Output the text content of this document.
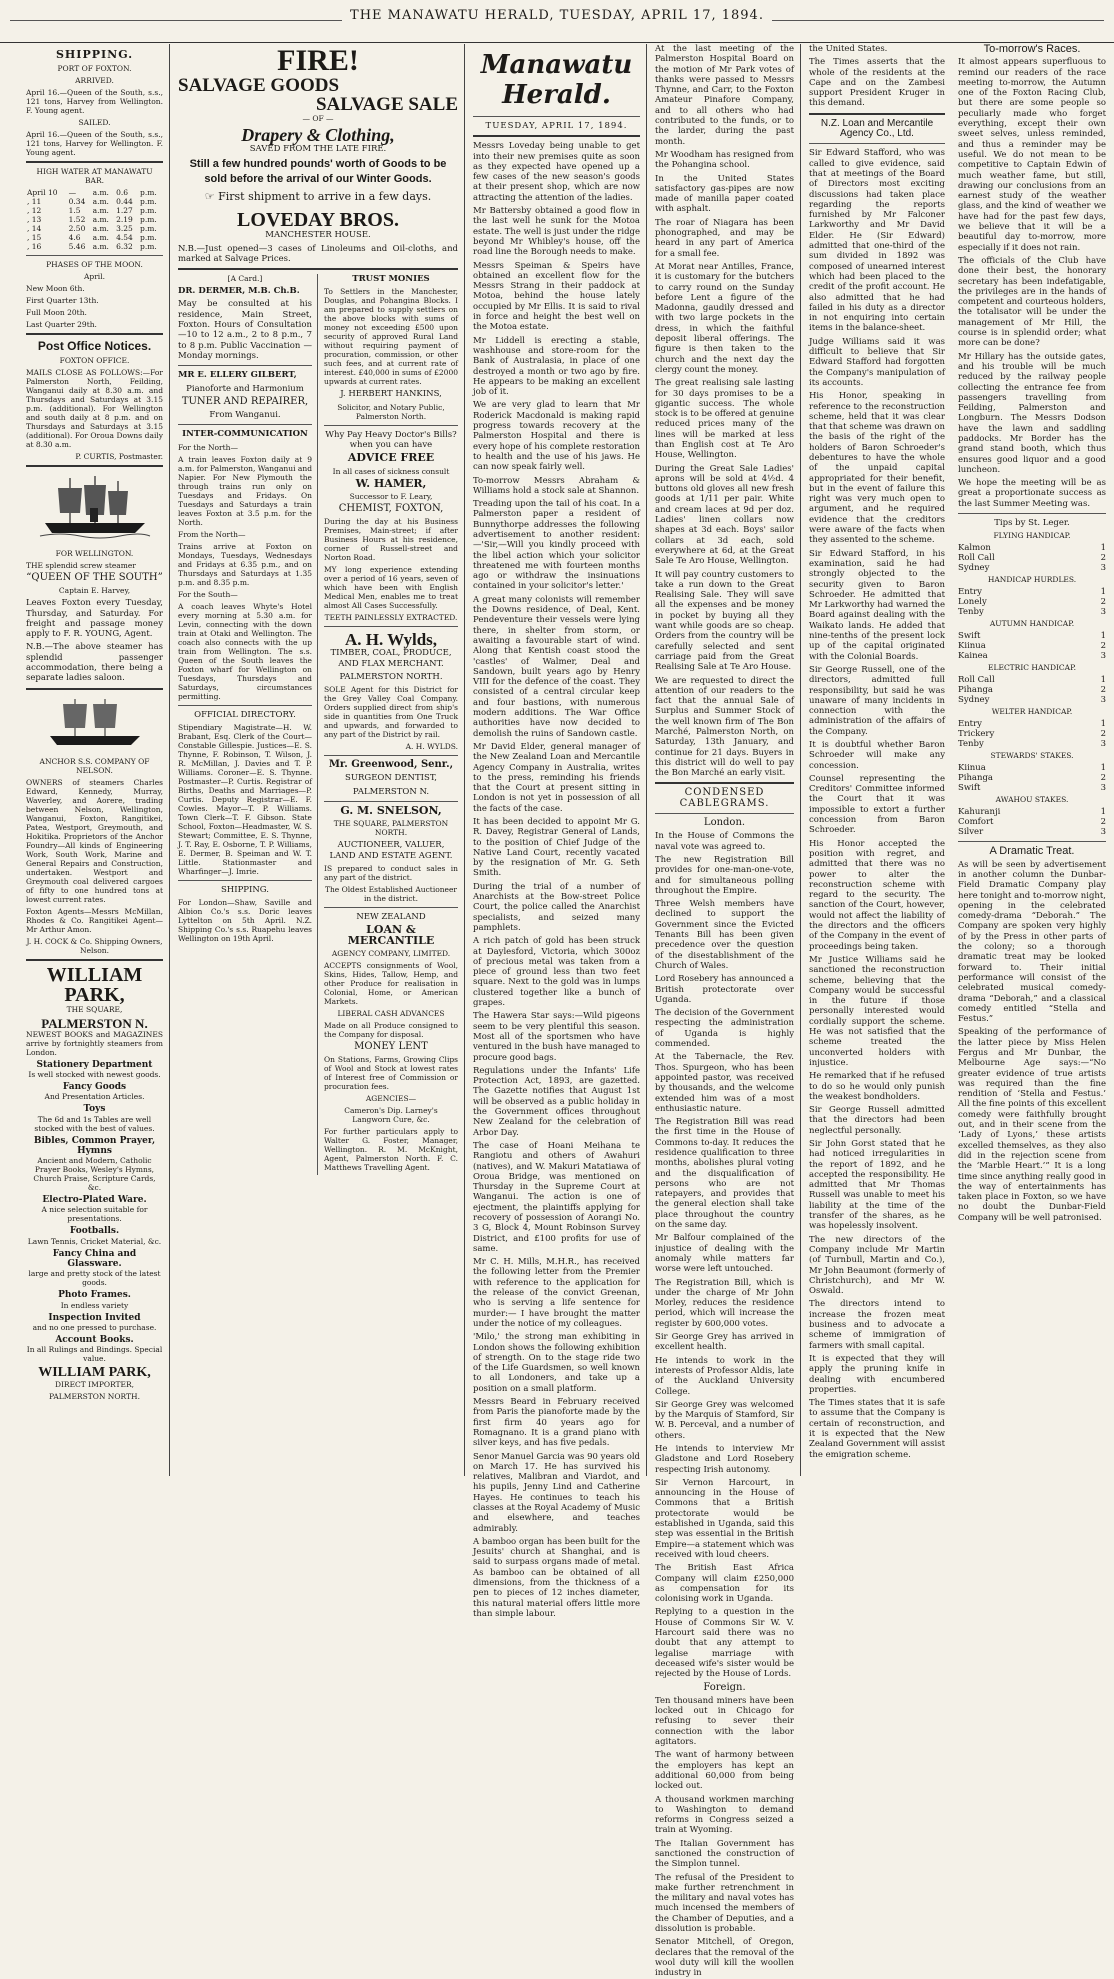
THE MANAWATU HERALD, TUESDAY, APRIL 17, 1894.
SHIPPING.

PORT OF FOXTON.

ARRIVED.

April 16.—Queen of the South, s.s., 121 tons, Harvey from Wellington. F. Young agent.

SAILED.

April 16.—Queen of the South, s.s., 121 tons, Harvey for Wellington. F. Young agent.

HIGH WATER AT MANAWATU BAR.

April 10	—	a.m.	0.6	p.m.
, 11	0.34	a.m.	0.44	p.m.
, 12	1.5	a.m.	1.27	p.m.
, 13	1.52	a.m.	2.19	p.m.
, 14	2.50	a.m.	3.25	p.m.
, 15	4.6	a.m.	4.54	p.m.
, 16	5.46	a.m.	6.32	p.m.

PHASES OF THE MOON.

April.

New Moon 6th.

First Quarter 13th.

Full Moon 20th.

Last Quarter 29th.

Post Office Notices.

FOXTON OFFICE.

MAILS CLOSE AS FOLLOWS:—For Palmerston North, Feilding, Wanganui daily at 8.30 a.m. and Thursdays and Saturdays at 3.15 p.m. (additional). For Wellington and south daily at 8 p.m. and on Thursdays and Saturdays at 3.15 (additional). For Oroua Downs daily at 8.30 a.m.

P. CURTIS, Postmaster.

FOR WELLINGTON.

THE splendid screw steamer

“QUEEN OF THE SOUTH”

Captain E. Harvey,

Leaves Foxton every Tuesday, Thursday, and Saturday. For freight and passage money apply to F. R. YOUNG, Agent.

N.B.—The above steamer has splendid passenger accommodation, there being a separate ladies saloon.

ANCHOR S.S. COMPANY OF NELSON.

OWNERS of steamers Charles Edward, Kennedy, Murray, Waverley, and Aorere, trading between Nelson, Wellington, Wanganui, Foxton, Rangitikei, Patea, Westport, Greymouth, and Hokitika. Proprietors of the Anchor Foundry—All kinds of Engineering Work, South Work, Marine and General Repairs and Construction, undertaken. Westport and Greymouth coal delivered cargoes of fifty to one hundred tons at lowest current rates.

Foxton Agents—Messrs McMillan, Rhodes & Co. Rangitikei Agent—Mr Arthur Amon.

J. H. COCK & Co. Shipping Owners, Nelson.

WILLIAM PARK,

THE SQUARE,

PALMERSTON N.

NEWEST BOOKS and MAGAZINES arrive by fortnightly steamers from London.

Stationery Department

Is well stocked with newest goods.

Fancy Goods

And Presentation Articles.

Toys

The 6d and 1s Tables are well stocked with the best of values.

Bibles, Common Prayer, Hymns

Ancient and Modern, Catholic Prayer Books, Wesley's Hymns, Church Praise, Scripture Cards, &c.

Electro-Plated Ware.

A nice selection suitable for presentations.

Footballs.

Lawn Tennis, Cricket Material, &c.

Fancy China and Glassware.

large and pretty stock of the latest goods.

Photo Frames.

In endless variety

Inspection Invited

and no one pressed to purchase.

Account Books.

In all Rulings and Bindings. Special value.

WILLIAM PARK,

DIRECT IMPORTER,

PALMERSTON NORTH.

FIRE!
SALVAGE GOODS
SALVAGE SALE

— OF —

Drapery & Clothing,

SAVED FROM THE LATE FIRE.

Still a few hundred pounds' worth of Goods to be sold before the arrival of our Winter Goods.

☞ First shipment to arrive in a few days.

LOVEDAY BROS.

MANCHESTER HOUSE.

N.B.—Just opened—3 cases of Linoleums and Oil-cloths, and marked at Salvage Prices.

[A Card.]

DR. DERMER, M.B. Ch.B.

May be consulted at his residence, Main Street, Foxton. Hours of Consultation—10 to 12 a.m., 2 to 8 p.m., 7 to 8 p.m. Public Vaccination — Monday mornings.

MR E. ELLERY GILBERT,

Pianoforte and Harmonium

TUNER AND REPAIRER,

From Wanganui.

INTER-COMMUNICATION

For the North—

A train leaves Foxton daily at 9 a.m. for Palmerston, Wanganui and Napier. For New Plymouth the through trains run only on Tuesdays and Fridays. On Tuesdays and Saturdays a train leaves Foxton at 3.5 p.m. for the North.

From the North—

Trains arrive at Foxton on Mondays, Tuesdays, Wednesdays and Fridays at 6.35 p.m., and on Thursdays and Saturdays at 1.35 p.m. and 8.35 p.m.

For the South—

A coach leaves Whyte's Hotel every morning at 5.30 a.m. for Levin, connecting with the down train at Otaki and Wellington. The coach also connects with the up train from Wellington. The s.s. Queen of the South leaves the Foxton wharf for Wellington on Tuesdays, Thursdays and Saturdays, circumstances permitting.

OFFICIAL DIRECTORY.

Stipendiary Magistrate—H. W. Brabant, Esq. Clerk of the Court—Constable Gillespie. Justices—E. S. Thynne, F. Robinson, T. Wilson, J. R. McMillan, J. Davies and T. P. Williams. Coroner—E. S. Thynne. Postmaster—P. Curtis. Registrar of Births, Deaths and Marriages—P. Curtis. Deputy Registrar—E. F. Cowles. Mayor—T. P. Williams. Town Clerk—T. F. Gibson. State School, Foxton—Headmaster, W. S. Stewart; Committee, E. S. Thynne, J. T. Ray, E. Osborne, T. P. Williams, E. Dermer, B. Speiman and W. T. Little. Stationmaster and Wharfinger—J. Imrie.

SHIPPING.

For London—Shaw, Saville and Albion Co.'s s.s. Doric leaves Lyttelton on 5th April. N.Z. Shipping Co.'s s.s. Ruapehu leaves Wellington on 19th April.

TRUST MONIES

To Settlers in the Manchester, Douglas, and Pohangina Blocks. I am prepared to supply settlers on the above blocks with sums of money not exceeding £500 upon security of approved Rural Land without requiring payment of procuration, commission, or other such fees, and at current rate of interest. £40,000 in sums of £2000 upwards at current rates.

J. HERBERT HANKINS,

Solicitor, and Notary Public, Palmerston North.

Why Pay Heavy Doctor's Bills? when you can have

ADVICE FREE

In all cases of sickness consult

W. HAMER,

Successor to F. Leary,

CHEMIST, FOXTON,

During the day at his Business Premises, Main-street; if after Business Hours at his residence, corner of Russell-street and Norton Road.

MY long experience extending over a period of 16 years, seven of which have been with English Medical Men, enables me to treat almost All Cases Successfully.

TEETH PAINLESSLY EXTRACTED.

A. H. Wylds,

TIMBER, COAL, PRODUCE, AND FLAX MERCHANT.

PALMERSTON NORTH.

SOLE Agent for this District for the Grey Valley Coal Company. Orders supplied direct from ship's side in quantities from One Truck and upwards, and forwarded to any part of the District by rail.

A. H. WYLDS.

Mr. Greenwood, Senr.,

SURGEON DENTIST,

PALMERSTON N.

G. M. SNELSON,

THE SQUARE, PALMERSTON NORTH.

AUCTIONEER, VALUER, LAND AND ESTATE AGENT.

IS prepared to conduct sales in any part of the district.

The Oldest Established Auctioneer in the district.

NEW ZEALAND

LOAN & MERCANTILE

AGENCY COMPANY, LIMITED.

ACCEPTS consignments of Wool, Skins, Hides, Tallow, Hemp, and other Produce for realisation in Colonial, Home, or American Markets.

LIBERAL CASH ADVANCES

Made on all Produce consigned to the Company for disposal.

MONEY LENT

On Stations, Farms, Growing Clips of Wool and Stock at lowest rates of Interest free of Commission or procuration fees.

AGENCIES—

Cameron's Dip. Larney's Langworn Cure, &c.

For further particulars apply to Walter G. Foster, Manager, Wellington. R. M. McKnight, Agent, Palmerston North. F. C. Matthews Travelling Agent.

Manawatu Herald.

TUESDAY, APRIL 17, 1894.

Messrs Loveday being unable to get into their new premises quite as soon as they expected have opened up a few cases of the new season's goods at their present shop, which are now attracting the attention of the ladies.

Mr Battersby obtained a good flow in the last well he sunk for the Motoa estate. The well is just under the ridge beyond Mr Whibley's house, off the road line the Borough needs to make.

Messrs Speiman & Speirs have obtained an excellent flow for the Messrs Strang in their paddock at Motoa, behind the house lately occupied by Mr Ellis. It is said to rival in force and height the best well on the Motoa estate.

Mr Liddell is erecting a stable, washhouse and store-room for the Bank of Australasia, in place of one destroyed a month or two ago by fire. He appears to be making an excellent job of it.

We are very glad to learn that Mr Roderick Macdonald is making rapid progress towards recovery at the Palmerston Hospital and there is every hope of his complete restoration to health and the use of his jaws. He can now speak fairly well.

To-morrow Messrs Abraham & Williams hold a stock sale at Shannon.

Treading upon the tail of his coat. In a Palmerston paper a resident of Bunnythorpe addresses the following advertisement to another resident:—'Sir,—Will you kindly proceed with the libel action which your solicitor threatened me with fourteen months ago or withdraw the insinuations contained in your solicitor's letter.'

A great many colonists will remember the Downs residence, of Deal, Kent. Pendeventure their vessels were lying there, in shelter from storm, or awaiting a favourable start of wind. Along that Kentish coast stood the 'castles' of Walmer, Deal and Sandown, built years ago by Henry VIII for the defence of the coast. They consisted of a central circular keep and four bastions, with numerous modern additions. The War Office authorities have now decided to demolish the ruins of Sandown castle.

Mr David Elder, general manager of the New Zealand Loan and Mercantile Agency Company in Australia, writes to the press, reminding his friends that the Court at present sitting in London is not yet in possession of all the facts of the case.

It has been decided to appoint Mr G. R. Davey, Registrar General of Lands, to the position of Chief Judge of the Native Land Court, recently vacated by the resignation of Mr. G. Seth Smith.

During the trial of a number of Anarchists at the Bow-street Police Court, the police called the Anarchist specialists, and seized many pamphlets.

A rich patch of gold has been struck at Daylesford, Victoria, which 300oz of precious metal was taken from a piece of ground less than two feet square. Next to the gold was in lumps clustered together like a bunch of grapes.

The Hawera Star says:—Wild pigeons seem to be very plentiful this season. Most all of the sportsmen who have ventured in the bush have managed to procure good bags.

Regulations under the Infants' Life Protection Act, 1893, are gazetted. The Gazette notifies that August 1st will be observed as a public holiday in the Government offices throughout New Zealand for the celebration of Arbor Day.

The case of Hoani Meihana te Rangiotu and others of Awahuri (natives), and W. Makuri Matatiawa of Oroua Bridge, was mentioned on Thursday in the Supreme Court at Wanganui. The action is one of ejectment, the plaintiffs applying for recovery of possession of Aorangi No. 3 G, Block 4, Mount Robinson Survey District, and £100 profits for use of same.

Mr C. H. Mills, M.H.R., has received the following letter from the Premier with reference to the application for the release of the convict Greenan, who is serving a life sentence for murder:— I have brought the matter under the notice of my colleagues.

'Milo,' the strong man exhibiting in London shows the following exhibition of strength. On to the stage ride two of the Life Guardsmen, so well known to all Londoners, and take up a position on a small platform.

Messrs Beard in February received from Paris the pianoforte made by the first firm 40 years ago for Romagnano. It is a grand piano with silver keys, and has five pedals.

Senor Manuel Garcia was 90 years old on March 17. He has survived his relatives, Malibran and Viardot, and his pupils, Jenny Lind and Catherine Hayes. He continues to teach his classes at the Royal Academy of Music and elsewhere, and teaches admirably.

A bamboo organ has been built for the Jesuits' church at Shanghai, and is said to surpass organs made of metal. As bamboo can be obtained of all dimensions, from the thickness of a pen to pieces of 12 inches diameter, this natural material offers little more than simple labour.

At the last meeting of the Palmerston Hospital Board on the motion of Mr Park votes of thanks were passed to Messrs Thynne, and Carr, to the Foxton Amateur Pinafore Company, and to all others who had contributed to the funds, or to the larder, during the past month.

Mr Woodham has resigned from the Pohangina school.

In the United States satisfactory gas-pipes are now made of manilla paper coated with asphalt.

The roar of Niagara has been phonographed, and may be heard in any part of America for a small fee.

At Morat near Antilles, France, it is customary for the butchers to carry round on the Sunday before Lent a figure of the Madonna, gaudily dressed and with two large pockets in the dress, in which the faithful deposit liberal offerings. The figure is then taken to the church and the next day the clergy count the money.

The great realising sale lasting for 30 days promises to be a gigantic success. The whole stock is to be offered at genuine reduced prices many of the lines will be marked at less than English cost at Te Aro House, Wellington.

During the Great Sale Ladies' aprons will be sold at 4½d. 4 buttons old gloves all new fresh goods at 1/11 per pair. White and cream laces at 9d per doz. Ladies' linen collars now shapes at 3d each. Boys' sailor collars at 3d each, sold everywhere at 6d, at the Great Sale Te Aro House, Wellington.

It will pay country customers to take a run down to the Great Realising Sale. They will save all the expenses and be money in pocket by buying all they want while goods are so cheap. Orders from the country will be carefully selected and sent carriage paid from the Great Realising Sale at Te Aro House.

We are requested to direct the attention of our readers to the fact that the annual Sale of Surplus and Summer Stock of the well known firm of The Bon Marché, Palmerston North, on Saturday, 13th January, and continue for 21 days. Buyers in this district will do well to pay the Bon Marché an early visit.

CONDENSED CABLEGRAMS.

London.

In the House of Commons the naval vote was agreed to.

The new Registration Bill provides for one-man-one-vote, and for simultaneous polling throughout the Empire.

Three Welsh members have declined to support the Government since the Evicted Tenants Bill has been given precedence over the question of the disestablishment of the Church of Wales.

Lord Rosebery has announced a British protectorate over Uganda.

The decision of the Government respecting the administration of Uganda is highly commended.

At the Tabernacle, the Rev. Thos. Spurgeon, who has been appointed pastor, was received by thousands, and the welcome extended him was of a most enthusiastic nature.

The Registration Bill was read the first time in the House of Commons to-day. It reduces the residence qualification to three months, abolishes plural voting and the disqualification of persons who are not ratepayers, and provides that the general election shall take place throughout the country on the same day.

Mr Balfour complained of the injustice of dealing with the anomaly while matters far worse were left untouched.

The Registration Bill, which is under the charge of Mr John Morley, reduces the residence period, which will increase the register by 600,000 votes.

Sir George Grey has arrived in excellent health.

He intends to work in the interests of Professor Aldis, late of the Auckland University College.

Sir George Grey was welcomed by the Marquis of Stamford, Sir W. B. Perceval, and a number of others.

He intends to interview Mr Gladstone and Lord Rosebery respecting Irish autonomy.

Sir Vernon Harcourt, in announcing in the House of Commons that a British protectorate would be established in Uganda, said this step was essential in the British Empire—a statement which was received with loud cheers.

The British East Africa Company will claim £250,000 as compensation for its colonising work in Uganda.

Replying to a question in the House of Commons Sir W. V. Harcourt said there was no doubt that any attempt to legalise marriage with deceased wife's sister would be rejected by the House of Lords.

Foreign.

Ten thousand miners have been locked out in Chicago for refusing to sever their connection with the labor agitators.

The want of harmony between the employers has kept an additional 60,000 from being locked out.

A thousand workmen marching to Washington to demand reforms in Congress seized a train at Wyoming.

The Italian Government has sanctioned the construction of the Simplon tunnel.

The refusal of the President to make further retrenchment in the military and naval votes has much incensed the members of the Chamber of Deputies, and a dissolution is probable.

Senator Mitchell, of Oregon, declares that the removal of the wool duty will kill the woollen industry in

the United States.

The Times asserts that the whole of the residents at the Cape and on the Zambesi support President Kruger in this demand.

N.Z. Loan and Mercantile Agency Co., Ltd.

Sir Edward Stafford, who was called to give evidence, said that at meetings of the Board of Directors most exciting discussions had taken place regarding the reports furnished by Mr Falconer Larkworthy and Mr David Elder. He (Sir Edward) admitted that one-third of the sum divided in 1892 was composed of unearned interest which had been placed to the credit of the profit account. He also admitted that he had failed in his duty as a director in not enquiring into certain items in the balance-sheet.

Judge Williams said it was difficult to believe that Sir Edward Stafford had forgotten the Company's manipulation of its accounts.

His Honor, speaking in reference to the reconstruction scheme, held that it was clear that that scheme was drawn on the basis of the right of the holders of Baron Schroeder's debentures to have the whole of the unpaid capital appropriated for their benefit, but in the event of failure this right was very much open to argument, and he required evidence that the creditors were aware of the facts when they assented to the scheme.

Sir Edward Stafford, in his examination, said he had strongly objected to the security given to Baron Schroeder. He admitted that Mr Larkworthy had warned the Board against dealing with the Waikato lands. He added that nine-tenths of the present lock up of the capital originated with the Colonial Boards.

Sir George Russell, one of the directors, admitted full responsibility, but said he was unaware of many incidents in connection with the administration of the affairs of the Company.

It is doubtful whether Baron Schroeder will make any concession.

Counsel representing the Creditors' Committee informed the Court that it was impossible to extort a further concession from Baron Schroeder.

His Honor accepted the position with regret, and admitted that there was no power to alter the reconstruction scheme with regard to the security. The sanction of the Court, however, would not affect the liability of the directors and the officers of the Company in the event of proceedings being taken.

Mr Justice Williams said he sanctioned the reconstruction scheme, believing that the Company would be successful in the future if those personally interested would cordially support the scheme. He was not satisfied that the scheme treated the unconverted holders with injustice.

He remarked that if he refused to do so he would only punish the weakest bondholders.

Sir George Russell admitted that the directors had been neglectful personally.

Sir John Gorst stated that he had noticed irregularities in the report of 1892, and he accepted the responsibility. He admitted that Mr Thomas Russell was unable to meet his liability at the time of the transfer of the shares, as he was hopelessly insolvent.

The new directors of the Company include Mr Martin (of Turnbull, Martin and Co.), Mr John Beaumont (formerly of Christchurch), and Mr W. Oswald.

The directors intend to increase the frozen meat business and to advocate a scheme of immigration of farmers with small capital.

It is expected that they will apply the pruning knife in dealing with encumbered properties.

The Times states that it is safe to assume that the Company is certain of reconstruction, and it is expected that the New Zealand Government will assist the emigration scheme.

To-morrow's Races.

It almost appears superfluous to remind our readers of the race meeting to-morrow, the Autumn one of the Foxton Racing Club, but there are some people so peculiarly made who forget everything, except their own sweet selves, unless reminded, and thus a reminder may be useful. We do not mean to be competitive to Captain Edwin of much weather fame, but still, drawing our conclusions from an earnest study of the weather glass, and the kind of weather we have had for the past few days, we believe that it will be a beautiful day to-morrow, more especially if it does not rain.

The officials of the Club have done their best, the honorary secretary has been indefatigable, the privileges are in the hands of competent and courteous holders, the totalisator will be under the management of Mr Hill, the course is in splendid order; what more can be done?

Mr Hillary has the outside gates, and his trouble will be much reduced by the railway people collecting the entrance fee from passengers travelling from Feilding, Palmerston and Longburn. The Messrs Dodson have the lawn and saddling paddocks. Mr Border has the grand stand booth, which thus ensures good liquor and a good luncheon.

We hope the meeting will be as great a proportionate success as the last Summer Meeting was.

Tips by St. Leger.

FLYING HANDICAP.

Kalmon	1
Roll Call	2
Sydney	3

HANDICAP HURDLES.

Entry	1
Lonely	2
Tenby	3

AUTUMN HANDICAP.

Swift	1
Kiinua	2
Kainea	3

ELECTRIC HANDICAP.

Roll Call	1
Pihanga	2
Sydney	3

WELTER HANDICAP.

Entry	1
Trickery	2
Tenby	3

STEWARDS' STAKES.

Kiinua	1
Pihanga	2
Swift	3

AWAHOU STAKES.

Kahuranji	1
Comfort	2
Silver	3

A Dramatic Treat.

As will be seen by advertisement in another column the Dunbar-Field Dramatic Company play here tonight and to-morrow night, opening in the celebrated comedy-drama “Deborah.” The Company are spoken very highly of by the Press in other parts of the colony; so a thorough dramatic treat may be looked forward to. Their initial performance will consist of the celebrated musical comedy-drama “Deborah,” and a classical comedy entitled “Stella and Festus.”

Speaking of the performance of the latter piece by Miss Helen Fergus and Mr Dunbar, the Melbourne Age says:—“No greater evidence of true artists was required than the fine rendition of ‘Stella and Festus.’ All the fine points of this excellent comedy were faithfully brought out, and in their scene from the ‘Lady of Lyons,’ these artists excelled themselves, as they also did in the rejection scene from the ‘Marble Heart.’” It is a long time since anything really good in the way of entertainments has taken place in Foxton, so we have no doubt the Dunbar-Field Company will be well patronised.
